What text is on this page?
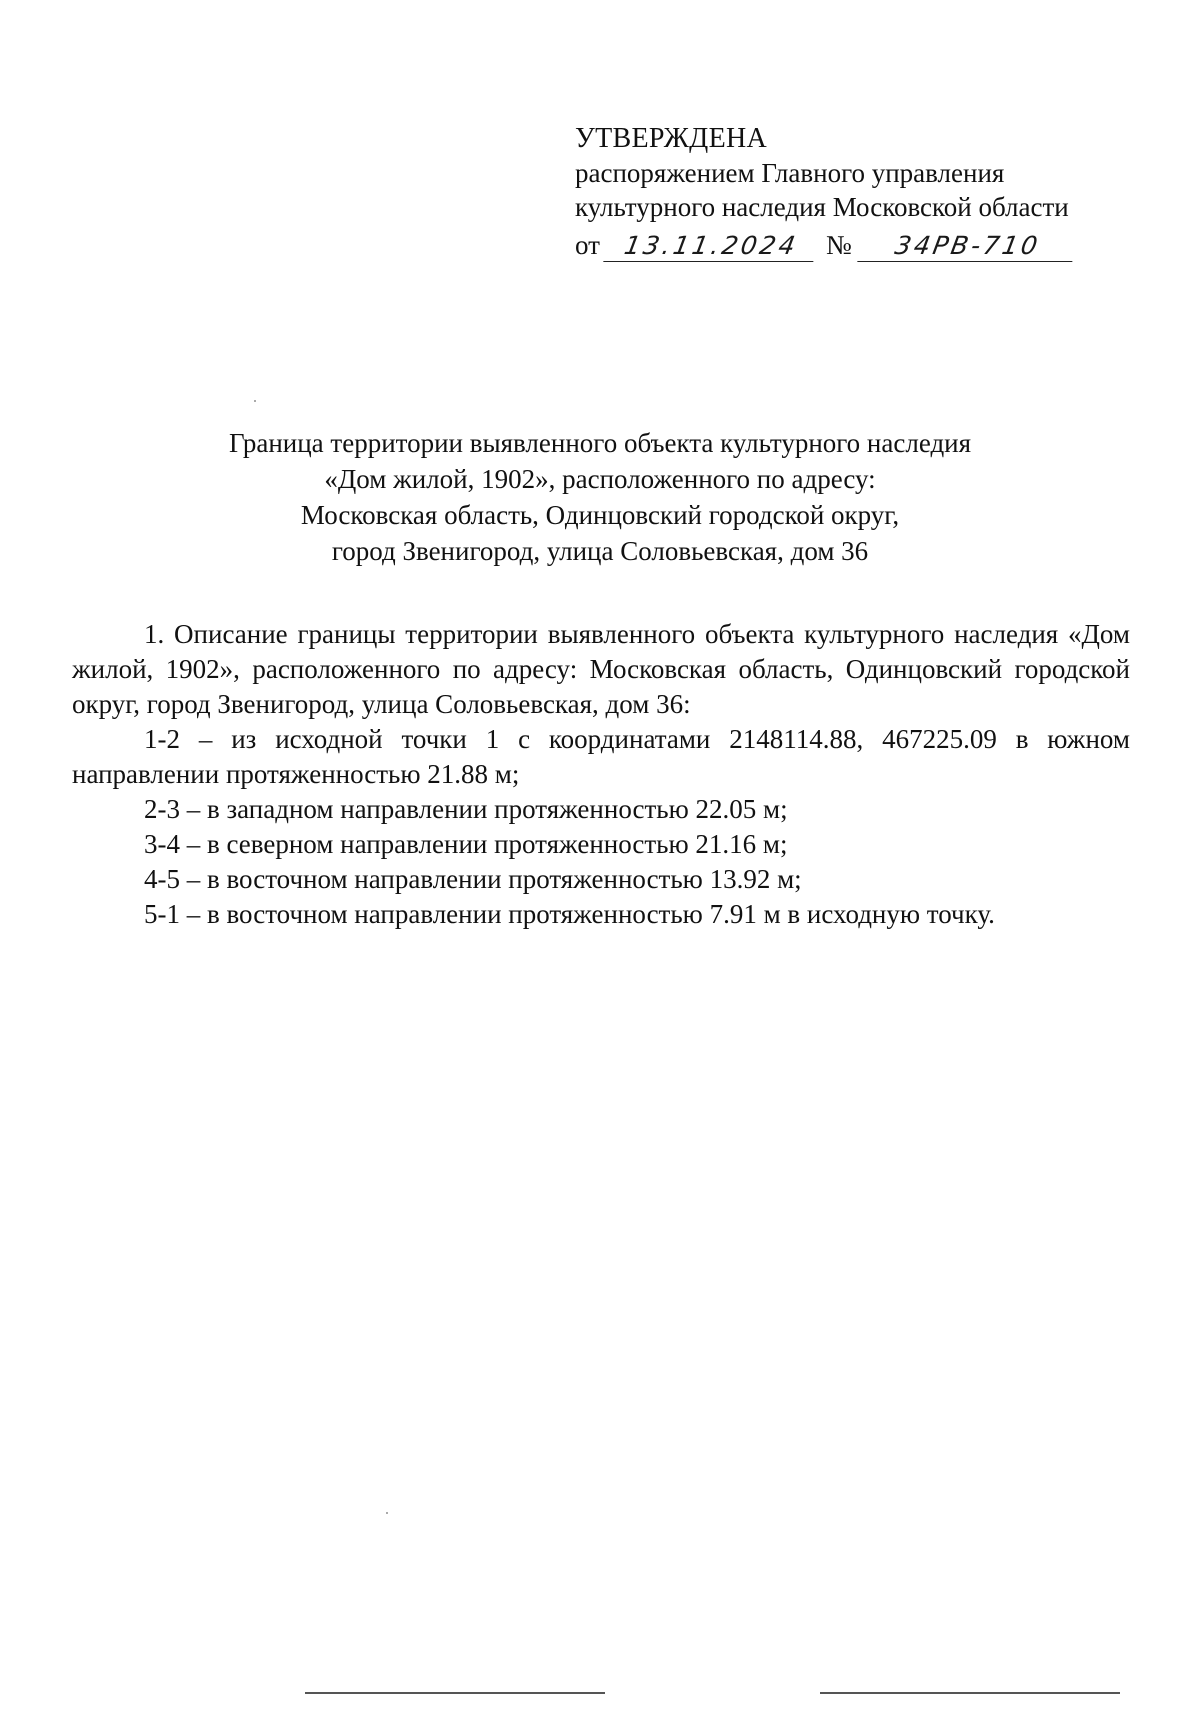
УТВЕРЖДЕНА
распоряжением Главного управления
культурного наследия Московской области
от 13.11.2024 №	34РВ-710
Граница территории выявленного объекта культурного наследия
«Дом жилой, 1902», расположенного по адресу:
Московская область, Одинцовский городской округ,
город Звенигород, улица Соловьевская, дом 36

1. Описание границы территории выявленного объекта культурного наследия «Дом жилой, 1902», расположенного по адресу: Московская область, Одинцовский городской округ, город Звенигород, улица Соловьевская, дом 36:

1-2 – из исходной точки 1 с координатами 2148114.88, 467225.09 в южном направлении протяженностью 21.88 м;

2-3 – в западном направлении протяженностью 22.05 м;

3-4 – в северном направлении протяженностью 21.16 м;

4-5 – в восточном направлении протяженностью 13.92 м;

5-1 – в восточном направлении протяженностью 7.91 м в исходную точку.
